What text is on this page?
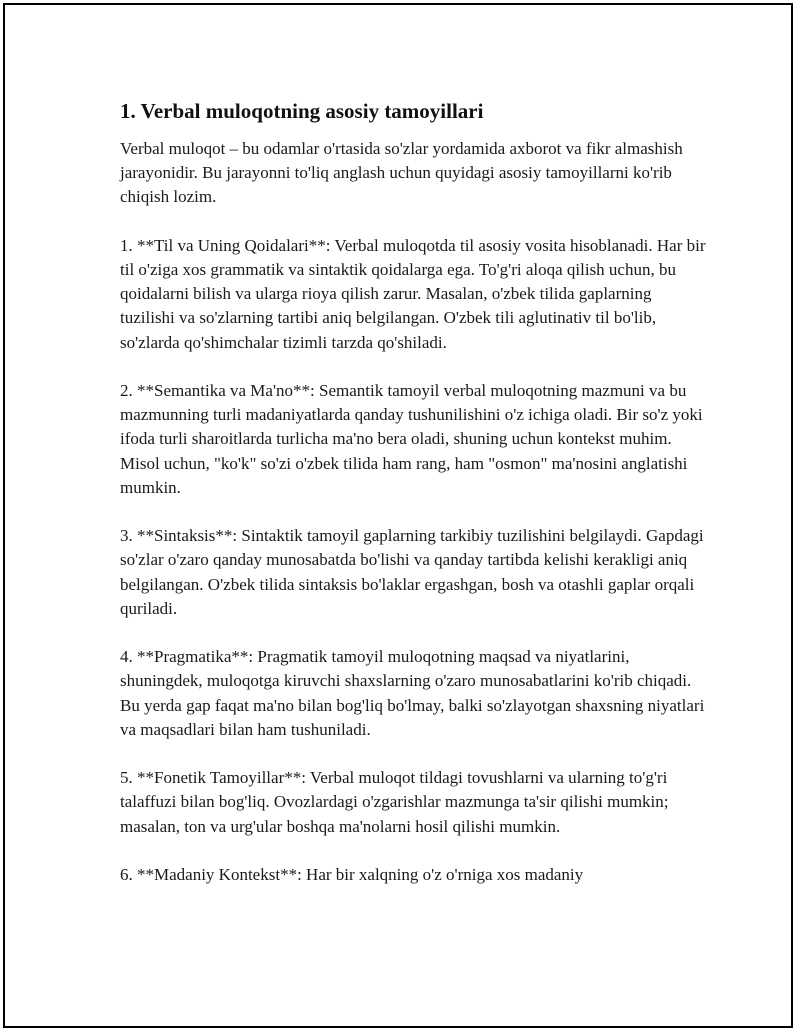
1. Verbal muloqotning asosiy tamoyillari

Verbal muloqot – bu odamlar o'rtasida so'zlar yordamida axborot va fikr almashish jarayonidir. Bu jarayonni to'liq anglash uchun quyidagi asosiy tamoyillarni ko'rib chiqish lozim.

1. **Til va Uning Qoidalari**: Verbal muloqotda til asosiy vosita hisoblanadi. Har bir til o'ziga xos grammatik va sintaktik qoidalarga ega. To'g'ri aloqa qilish uchun, bu qoidalarni bilish va ularga rioya qilish zarur. Masalan, o'zbek tilida gaplarning tuzilishi va so'zlarning tartibi aniq belgilangan. O'zbek tili aglutinativ til bo'lib, so'zlarda qo'shimchalar tizimli tarzda qo'shiladi.

2. **Semantika va Ma'no**: Semantik tamoyil verbal muloqotning mazmuni va bu mazmunning turli madaniyatlarda qanday tushunilishini o'z ichiga oladi. Bir so'z yoki ifoda turli sharoitlarda turlicha ma'no bera oladi, shuning uchun kontekst muhim. Misol uchun, "ko'k" so'zi o'zbek tilida ham rang, ham "osmon" ma'nosini anglatishi mumkin.

3. **Sintaksis**: Sintaktik tamoyil gaplarning tarkibiy tuzilishini belgilaydi. Gapdagi so'zlar o'zaro qanday munosabatda bo'lishi va qanday tartibda kelishi kerakligi aniq belgilangan. O'zbek tilida sintaksis bo'laklar ergashgan, bosh va otashli gaplar orqali quriladi.

4. **Pragmatika**: Pragmatik tamoyil muloqotning maqsad va niyatlarini, shuningdek, muloqotga kiruvchi shaxslarning o'zaro munosabatlarini ko'rib chiqadi. Bu yerda gap faqat ma'no bilan bog'liq bo'lmay, balki so'zlayotgan shaxsning niyatlari va maqsadlari bilan ham tushuniladi.

5. **Fonetik Tamoyillar**: Verbal muloqot tildagi tovushlarni va ularning to'g'ri talaffuzi bilan bog'liq. Ovozlardagi o'zgarishlar mazmunga ta'sir qilishi mumkin; masalan, ton va urg'ular boshqa ma'nolarni hosil qilishi mumkin.

6. **Madaniy Kontekst**: Har bir xalqning o'z o'rniga xos madaniy
